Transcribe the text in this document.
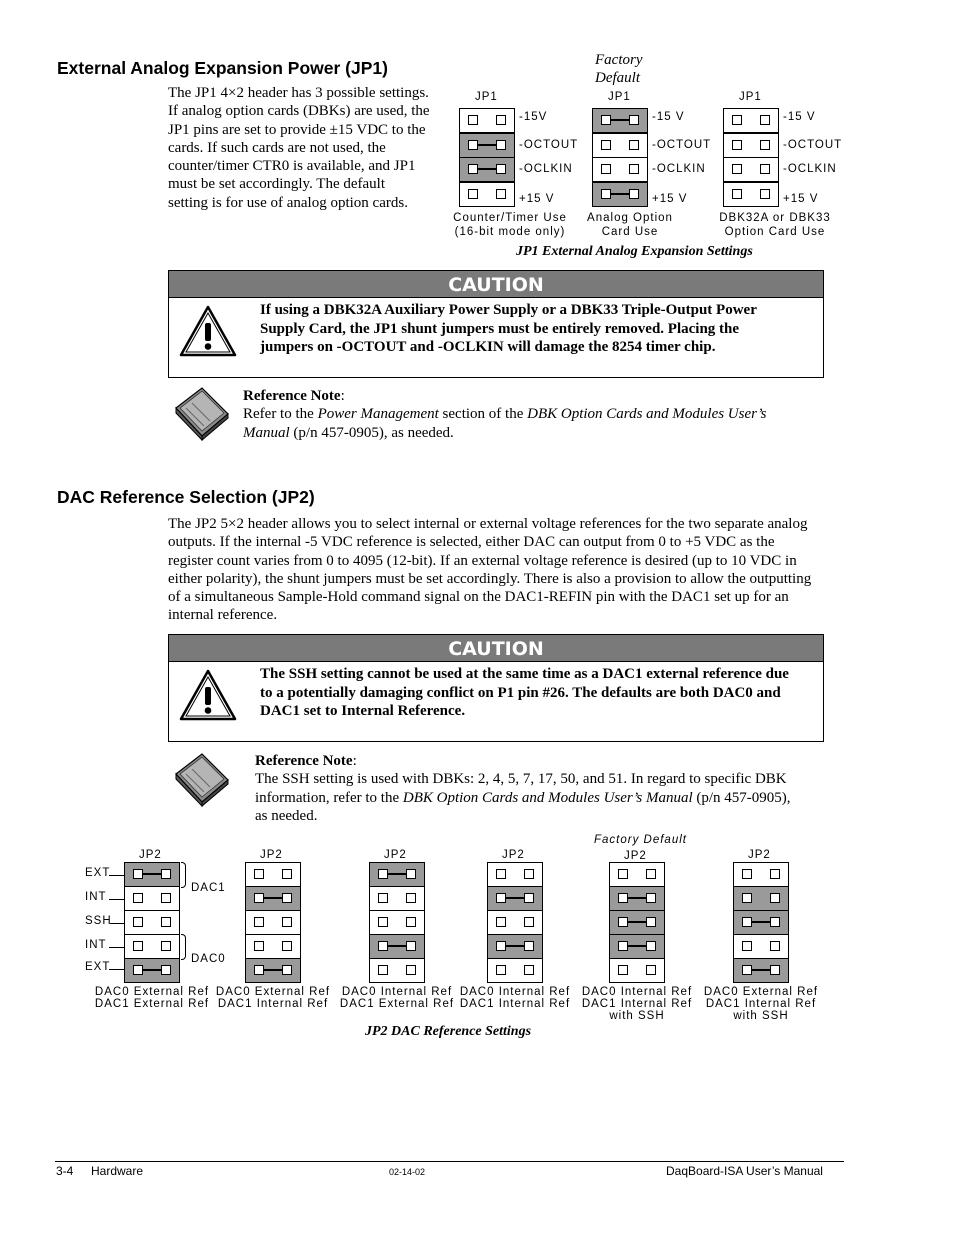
External Analog Expansion Power (JP1)
The JP1 4×2 header has 3 possible settings.
If analog option cards (DBKs) are used, the
JP1 pins are set to provide ±15 VDC to the
cards. If such cards are not used, the
counter/timer CTR0 is available, and JP1
must be set accordingly. The default
setting is for use of analog option cards.
Factory
Default
JP1
-15V
-OCTOUT
-OCLKIN
+15 V
Counter/Timer Use
(16-bit mode only)
JP1
-15 V
-OCTOUT
-OCLKIN
+15 V
Analog Option
Card Use
JP1
-15 V
-OCTOUT
-OCLKIN
+15 V
DBK32A or DBK33
Option Card Use
JP1 External Analog Expansion Settings
CAUTION
If using a DBK32A Auxiliary Power Supply or a DBK33 Triple-Output Power
Supply Card, the JP1 shunt jumpers must be entirely removed. Placing the
jumpers on -OCTOUT and -OCLKIN will damage the 8254 timer chip.
Reference Note:
Refer to the Power Management section of the DBK Option Cards and Modules User’s
Manual (p/n 457-0905), as needed.
DAC Reference Selection (JP2)
The JP2 5×2 header allows you to select internal or external voltage references for the two separate analog
outputs. If the internal -5 VDC reference is selected, either DAC can output from 0 to +5 VDC as the
register count varies from 0 to 4095 (12-bit). If an external voltage reference is desired (up to 10 VDC in
either polarity), the shunt jumpers must be set accordingly. There is also a provision to allow the outputting
of a simultaneous Sample-Hold command signal on the DAC1-REFIN pin with the DAC1 set up for an
internal reference.
CAUTION
The SSH setting cannot be used at the same time as a DAC1 external reference due
to a potentially damaging conflict on P1 pin #26. The defaults are both DAC0 and
DAC1 set to Internal Reference.
Reference Note:
The SSH setting is used with DBKs: 2, 4, 5, 7, 17, 50, and 51. In regard to specific DBK
information, refer to the DBK Option Cards and Modules User’s Manual (p/n 457-0905),
as needed.
Factory Default
EXT
INT
SSH
INT
EXT
DAC1
DAC0
JP2
DAC0 External Ref
DAC1 External Ref
JP2
DAC0 External Ref
DAC1 Internal Ref
JP2
DAC0 Internal Ref
DAC1 External Ref
JP2
DAC0 Internal Ref
DAC1 Internal Ref
JP2
DAC0 Internal Ref
DAC1 Internal Ref
with SSH
JP2
DAC0 External Ref
DAC1 Internal Ref
with SSH
JP2 DAC Reference Settings
3-4 Hardware	02-14-02	DaqBoard-ISA User’s Manual
